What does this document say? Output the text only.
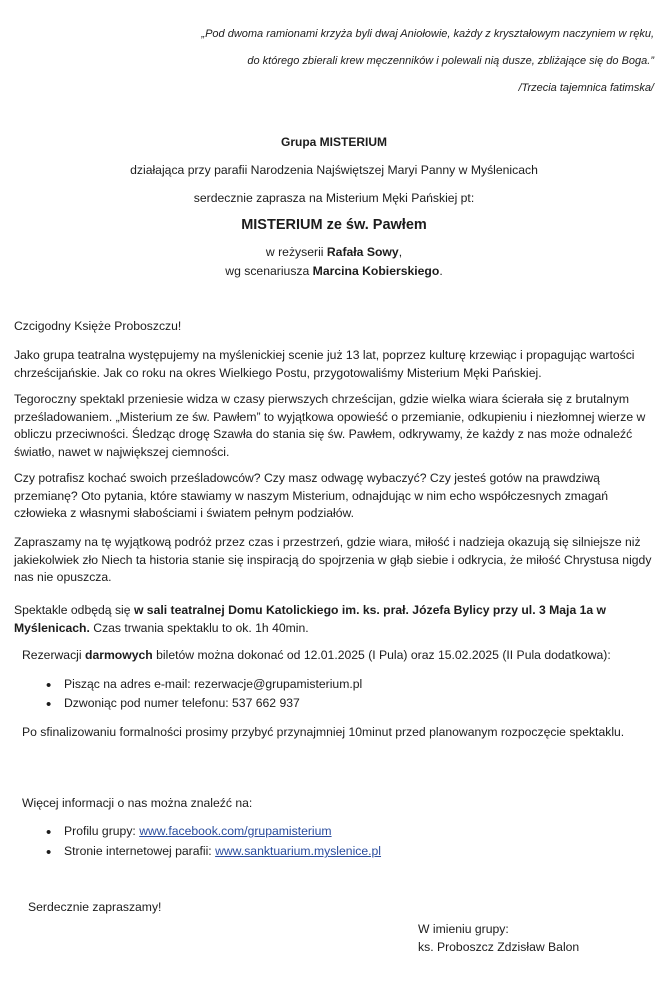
„Pod dwoma ramionami krzyża byli dwaj Aniołowie, każdy z kryształowym naczyniem w ręku,
do którego zbierali krew męczenników i polewali nią dusze, zbliżające się do Boga.”
/Trzecia tajemnica fatimska/
Grupa MISTERIUM
działająca przy parafii Narodzenia Najświętszej Maryi Panny w Myślenicach
serdecznie zaprasza na Misterium Męki Pańskiej pt:
MISTERIUM ze św. Pawłem
w reżyserii Rafała Sowy,
wg scenariusza Marcina Kobierskiego.
Czcigodny Księże Proboszczu!
Jako grupa teatralna występujemy na myślenickiej scenie już 13 lat, poprzez kulturę krzewiąc i propagując wartości chrześcijańskie. Jak co roku na okres Wielkiego Postu, przygotowaliśmy Misterium Męki Pańskiej.
Tegoroczny spektakl przeniesie widza w czasy pierwszych chrześcijan, gdzie wielka wiara ścierała się z brutalnym prześladowaniem. „Misterium ze św. Pawłem” to wyjątkowa opowieść o przemianie, odkupieniu i niezłomnej wierze w obliczu przeciwności. Śledząc drogę Szawła do stania się św. Pawłem, odkrywamy, że każdy z nas może odnaleźć światło, nawet w największej ciemności.
Czy potrafisz kochać swoich prześladowców? Czy masz odwagę wybaczyć? Czy jesteś gotów na prawdziwą przemianę? Oto pytania, które stawiamy w naszym Misterium, odnajdując w nim echo współczesnych zmagań człowieka z własnymi słabościami i światem pełnym podziałów.
Zapraszamy na tę wyjątkową podróż przez czas i przestrzeń, gdzie wiara, miłość i nadzieja okazują się silniejsze niż jakiekolwiek zło Niech ta historia stanie się inspiracją do spojrzenia w głąb siebie i odkrycia, że miłość Chrystusa nigdy nas nie opuszcza.
Spektakle odbędą się w sali teatralnej Domu Katolickiego im. ks. prał. Józefa Bylicy przy ul. 3 Maja 1a w Myślenicach. Czas trwania spektaklu to ok. 1h 40min.
Rezerwacji darmowych biletów można dokonać od 12.01.2025 (I Pula) oraz 15.02.2025 (II Pula dodatkowa):
• Pisząc na adres e-mail: rezerwacje@grupamisterium.pl
• Dzwoniąc pod numer telefonu: 537 662 937
Po sfinalizowaniu formalności prosimy przybyć przynajmniej 10minut przed planowanym rozpoczęcie spektaklu.
Więcej informacji o nas można znaleźć na:
• Profilu grupy: www.facebook.com/grupamisterium
• Stronie internetowej parafii: www.sanktuarium.myslenice.pl
Serdecznie zapraszamy!
W imieniu grupy:
ks. Proboszcz Zdzisław Balon
